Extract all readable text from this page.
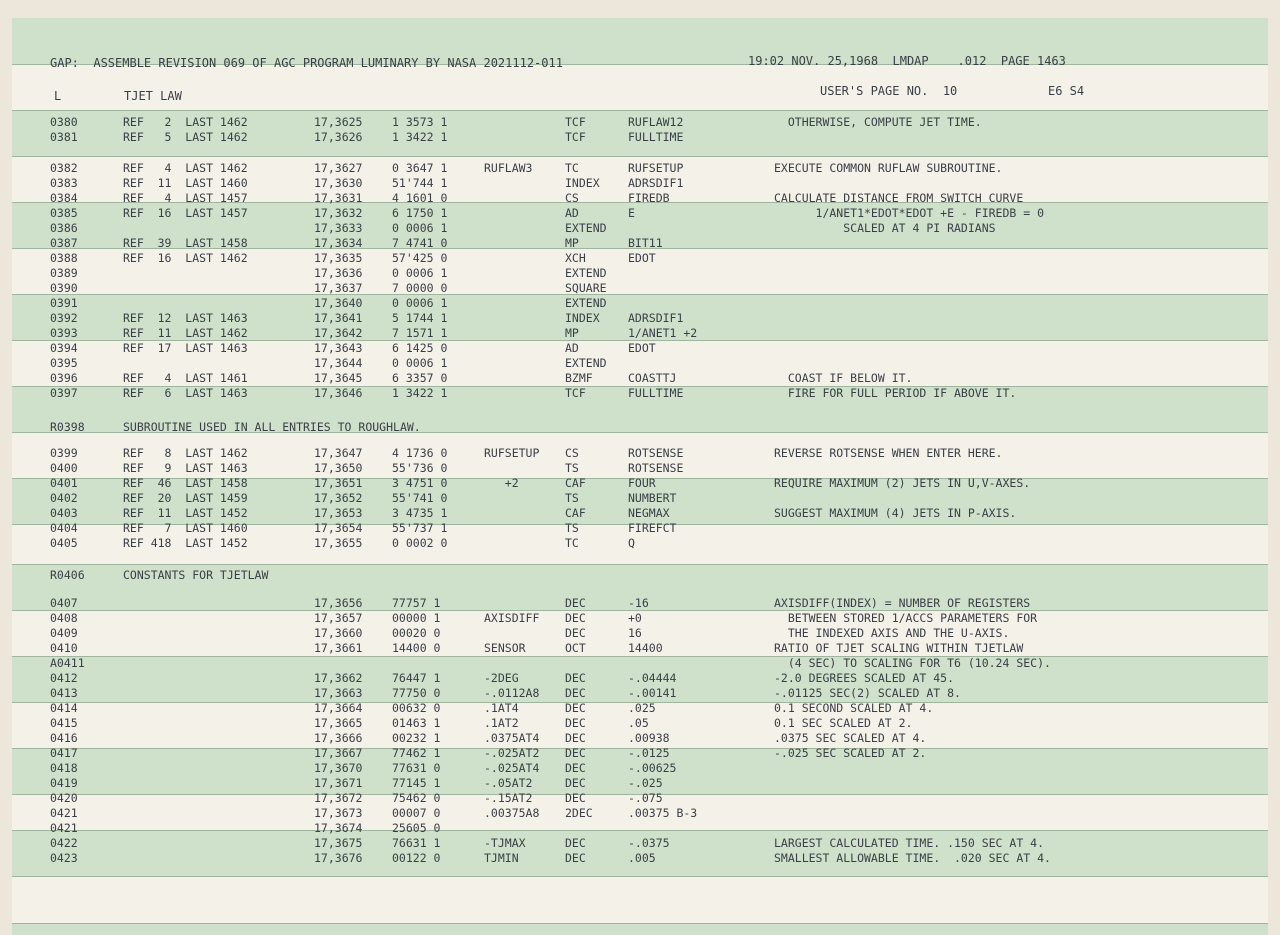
GAP:  ASSEMBLE REVISION 069 OF AGC PROGRAM LUMINARY BY NASA 2021112-011	19:02 NOV. 25,1968  LMDAP    .012  PAGE 1463
L	TJET LAW	USER'S PAGE NO.  10	E6 S4
0380	REF   2  LAST 1462	17,3625	1 3573 1	TCF	RUFLAW12	OTHERWISE, COMPUTE JET TIME.
0381	REF   5  LAST 1462	17,3626	1 3422 1	TCF	FULLTIME
0382	REF   4  LAST 1462	17,3627	0 3647 1	RUFLAW3	TC	RUFSETUP	EXECUTE COMMON RUFLAW SUBROUTINE.
0383	REF  11  LAST 1460	17,3630	51'744 1	INDEX ADRSDIF1
0384	REF   4  LAST 1457	17,3631	4 1601 0	CS	FIREDB	CALCULATE DISTANCE FROM SWITCH CURVE
0385	REF  16  LAST 1457	17,3632	6 1750 1	AD	E	1/ANET1*EDOT*EDOT +E - FIREDB = 0
0386	17,3633	0 0006 1	EXTEND	SCALED AT 4 PI RADIANS
0387	REF  39  LAST 1458	17,3634	7 4741 0	MP	BIT11
0388	REF  16  LAST 1462	17,3635	57'425 0	XCH	EDOT
0389	17,3636	0 0006 1	EXTEND
0390	17,3637	7 0000 0	SQUARE
0391	17,3640	0 0006 1	EXTEND
0392	REF  12  LAST 1463	17,3641	5 1744 1	INDEX ADRSDIF1
0393	REF  11  LAST 1462	17,3642	7 1571 1	MP	1/ANET1 +2
0394	REF  17  LAST 1463	17,3643	6 1425 0	AD	EDOT
0395	17,3644	0 0006 1	EXTEND
0396	REF   4  LAST 1461	17,3645	6 3357 0	BZMF	COASTTJ	COAST IF BELOW IT.
0397	REF   6  LAST 1463	17,3646	1 3422 1	TCF	FULLTIME	FIRE FOR FULL PERIOD IF ABOVE IT.
R0398	SUBROUTINE USED IN ALL ENTRIES TO ROUGHLAW.
0399	REF   8  LAST 1462	17,3647	4 1736 0	RUFSETUP CS	ROTSENSE	REVERSE ROTSENSE WHEN ENTER HERE.
0400	REF   9  LAST 1463	17,3650	55'736 0	TS	ROTSENSE
0401	REF  46  LAST 1458	17,3651	3 4751 0	+2	CAF	FOUR	REQUIRE MAXIMUM (2) JETS IN U,V-AXES.
0402	REF  20  LAST 1459	17,3652	55'741 0	TS	NUMBERT
0403	REF  11  LAST 1452	17,3653	3 4735 1	CAF	NEGMAX	SUGGEST MAXIMUM (4) JETS IN P-AXIS.
0404	REF   7  LAST 1460	17,3654	55'737 1	TS	FIREFCT
0405	REF 418  LAST 1452	17,3655	0 0002 0	TC	Q
R0406	CONSTANTS FOR TJETLAW
0407	17,3656	77757 1	DEC	-16	AXISDIFF(INDEX) = NUMBER OF REGISTERS
0408	17,3657	00000 1	AXISDIFF DEC	+0	BETWEEN STORED 1/ACCS PARAMETERS FOR
0409	17,3660	00020 0	DEC	16	THE INDEXED AXIS AND THE U-AXIS.
0410	17,3661	14400 0	SENSOR	OCT	14400	RATIO OF TJET SCALING WITHIN TJETLAW
A0411	(4 SEC) TO SCALING FOR T6 (10.24 SEC).
0412	17,3662	76447 1	-2DEG	DEC	-.04444	-2.0 DEGREES SCALED AT 45.
0413	17,3663	77750 0	-.0112A8 DEC	-.00141	-.01125 SEC(2) SCALED AT 8.
0414	17,3664	00632 0	.1AT4	DEC	.025	0.1 SECOND SCALED AT 4.
0415	17,3665	01463 1	.1AT2	DEC	.05	0.1 SEC SCALED AT 2.
0416	17,3666	00232 1	.0375AT4 DEC	.00938	.0375 SEC SCALED AT 4.
0417	17,3667	77462 1	-.025AT2 DEC	-.0125	-.025 SEC SCALED AT 2.
0418	17,3670	77631 0	-.025AT4 DEC	-.00625
0419	17,3671	77145 1	-.05AT2	DEC	-.025
0420	17,3672	75462 0	-.15AT2	DEC	-.075
0421	17,3673	00007 0	.00375A8 2DEC	.00375 B-3
0421	17,3674	25605 0
0422	17,3675	76631 1	-TJMAX	DEC	-.0375	LARGEST CALCULATED TIME. .150 SEC AT 4.
0423	17,3676	00122 0	TJMIN	DEC	.005	SMALLEST ALLOWABLE TIME.  .020 SEC AT 4.
